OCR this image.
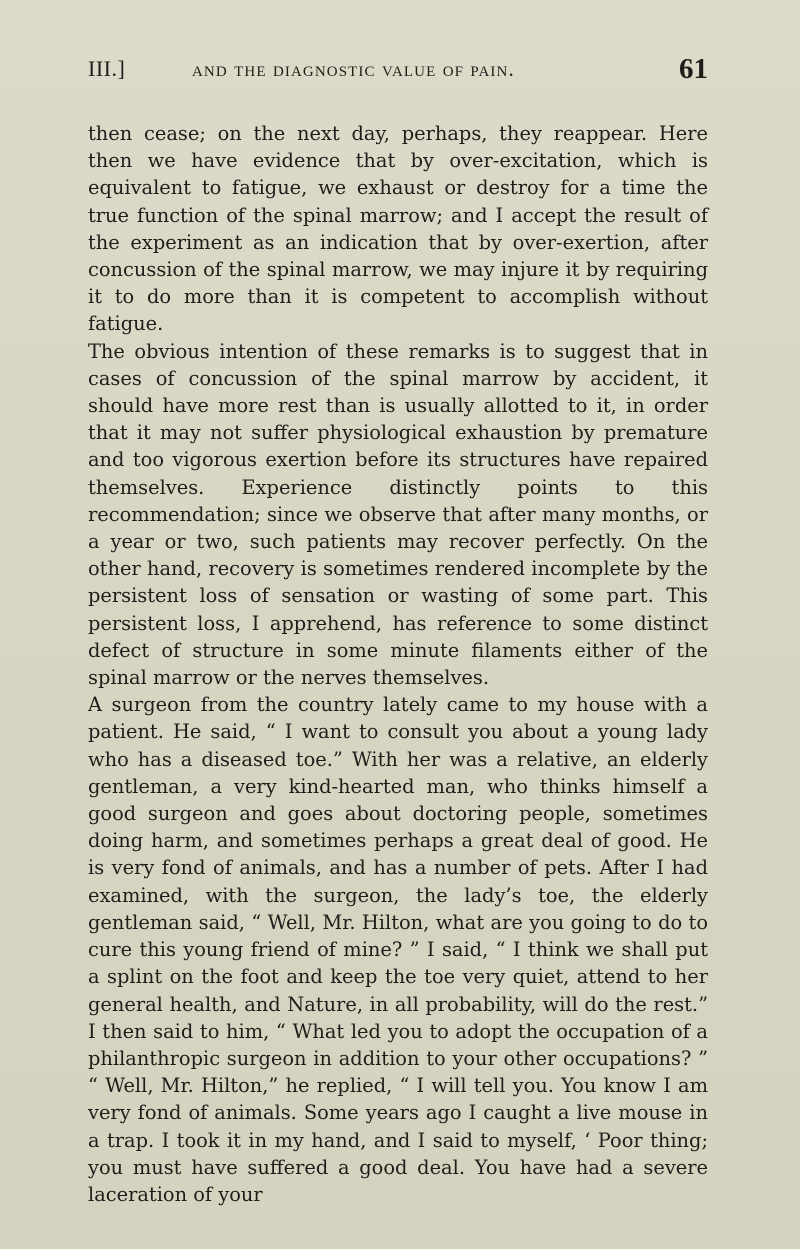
III.]	and the diagnostic value of pain.	61

then cease; on the next day, perhaps, they reappear. Here then we have evidence that by over-excitation, which is equivalent to fatigue, we exhaust or destroy for a time the true function of the spinal marrow; and I accept the result of the experiment as an indication that by over-exertion, after concussion of the spinal marrow, we may injure it by requiring it to do more than it is competent to accomplish without fatigue.

The obvious intention of these remarks is to suggest that in cases of concussion of the spinal marrow by accident, it should have more rest than is usually allotted to it, in order that it may not suffer physiological exhaustion by premature and too vigorous exertion before its structures have repaired themselves. Experience distinctly points to this recommendation; since we observe that after many months, or a year or two, such patients may recover perfectly. On the other hand, recovery is sometimes rendered incomplete by the persistent loss of sensation or wasting of some part. This persistent loss, I apprehend, has reference to some distinct defect of structure in some minute filaments either of the spinal marrow or the nerves themselves.

A surgeon from the country lately came to my house with a patient. He said, “ I want to consult you about a young lady who has a diseased toe.” With her was a relative, an elderly gentleman, a very kind-hearted man, who thinks himself a good surgeon and goes about doctoring people, sometimes doing harm, and sometimes perhaps a great deal of good. He is very fond of animals, and has a number of pets. After I had examined, with the surgeon, the lady’s toe, the elderly gentleman said, “ Well, Mr. Hilton, what are you going to do to cure this young friend of mine? ” I said, “ I think we shall put a splint on the foot and keep the toe very quiet, attend to her general health, and Nature, in all probability, will do the rest.” I then said to him, “ What led you to adopt the occupation of a philanthropic surgeon in addition to your other occupations? ” “ Well, Mr. Hilton,” he replied, “ I will tell you. You know I am very fond of animals. Some years ago I caught a live mouse in a trap. I took it in my hand, and I said to myself, ‘ Poor thing; you must have suffered a good deal. You have had a severe laceration of your
